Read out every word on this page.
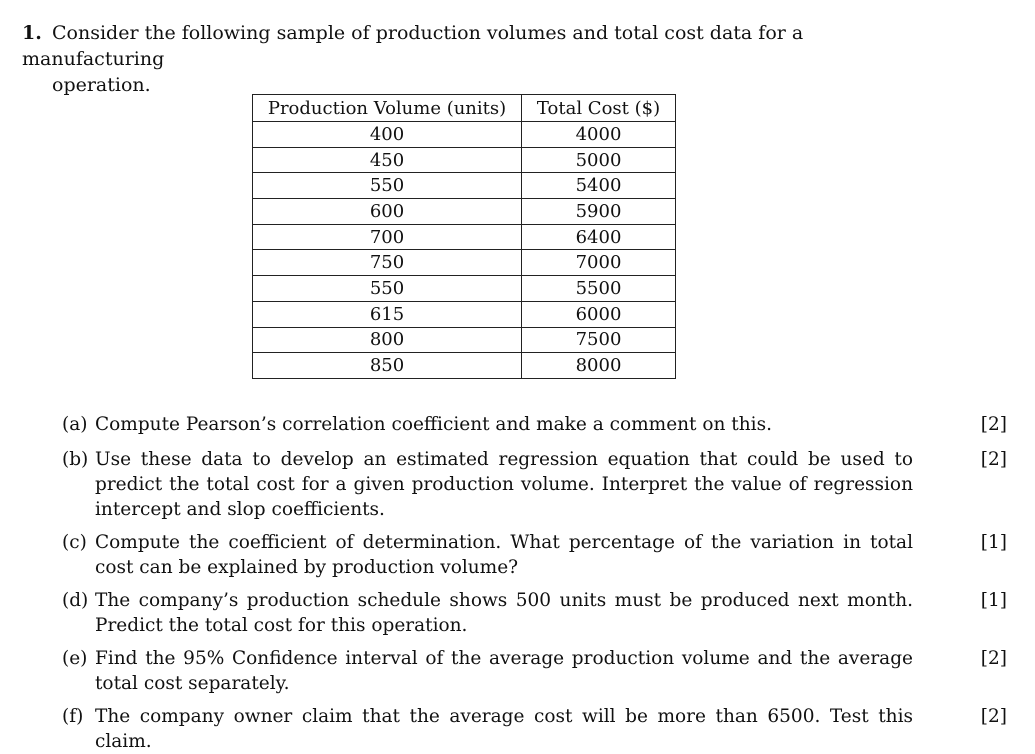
1. Consider the following sample of production volumes and total cost data for a manufacturing
operation.
Production Volume (units)	Total Cost ($)
400	4000
450	5000
550	5400
600	5900
700	6400
750	7000
550	5500
615	6000
800	7500
850	8000
(a) Compute Pearson’s correlation coefficient and make a comment on this.	[2]
(b) Use these data to develop an estimated regression equation that could be used to predict the total cost for a given production volume. Interpret the value of regression intercept and slop coefficients.
[2]
(c) Compute the coefficient of determination. What percentage of the variation in total cost can be explained by production volume?
[1]
(d) The company’s production schedule shows 500 units must be produced next month. Predict the total cost for this operation.
[1]
(e) Find the 95% Confidence interval of the average production volume and the average total cost separately.
[2]
(f) The company owner claim that the average cost will be more than 6500. Test this claim.
[2]
